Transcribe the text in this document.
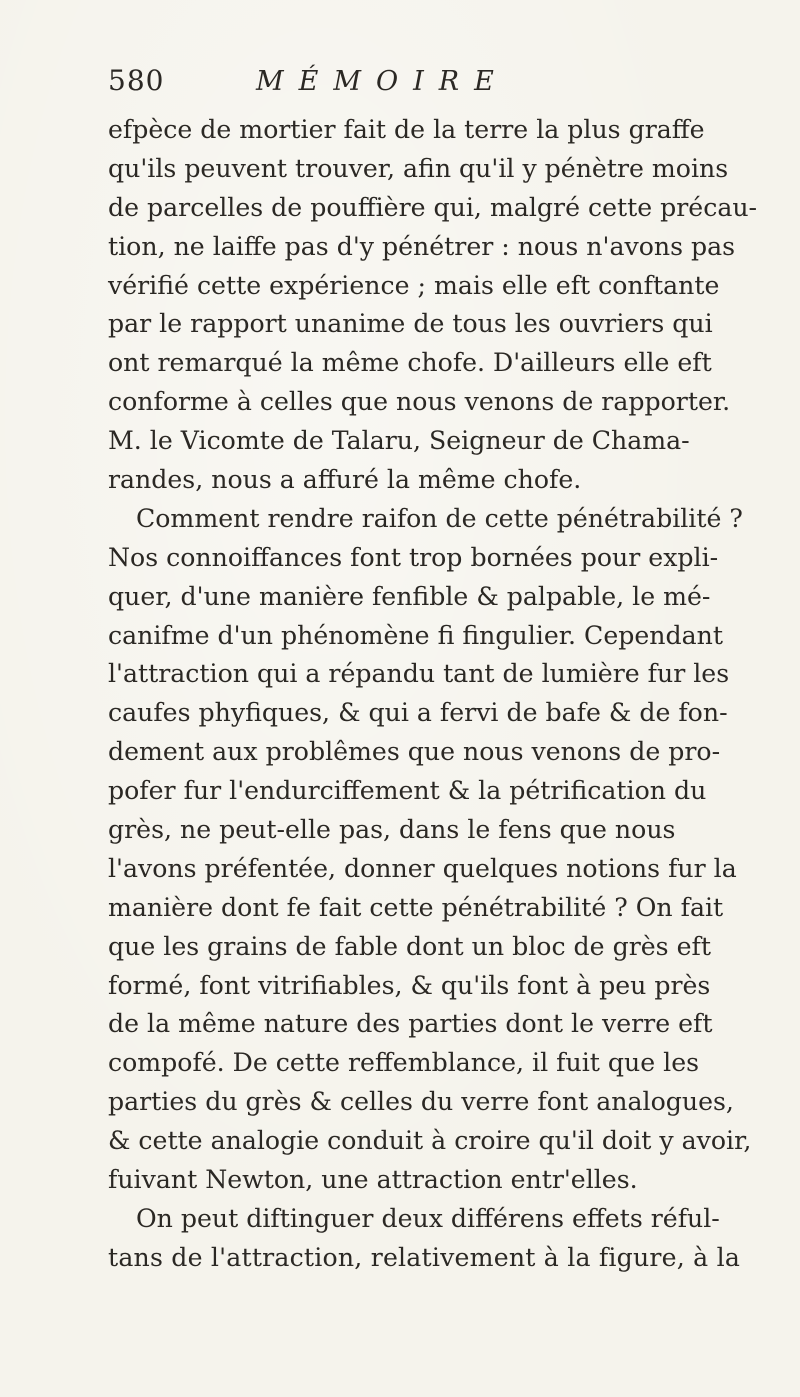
580	MÉMOIRE
efpèce de mortier fait de la terre la plus graffe
qu'ils peuvent trouver, afin qu'il y pénètre moins
de parcelles de pouffière qui, malgré cette précau-
tion, ne laiffe pas d'y pénétrer : nous n'avons pas
vérifié cette expérience ; mais elle eft conftante
par le rapport unanime de tous les ouvriers qui
ont remarqué la même chofe. D'ailleurs elle eft
conforme à celles que nous venons de rapporter.
M. le Vicomte de Talaru, Seigneur de Chama-
randes, nous a affuré la même chofe.
Comment rendre raifon de cette pénétrabilité ?
Nos connoiffances font trop bornées pour expli-
quer, d'une manière fenfible & palpable, le mé-
canifme d'un phénomène fi fingulier. Cependant
l'attraction qui a répandu tant de lumière fur les
caufes phyfiques, & qui a fervi de bafe & de fon-
dement aux problêmes que nous venons de pro-
pofer fur l'endurciffement & la pétrification du
grès, ne peut-elle pas, dans le fens que nous
l'avons préfentée, donner quelques notions fur la
manière dont fe fait cette pénétrabilité ? On fait
que les grains de fable dont un bloc de grès eft
formé, font vitrifiables, & qu'ils font à peu près
de la même nature des parties dont le verre eft
compofé. De cette reffemblance, il fuit que les
parties du grès & celles du verre font analogues,
& cette analogie conduit à croire qu'il doit y avoir,
fuivant Newton, une attraction entr'elles.
On peut diftinguer deux différens effets réful-
tans de l'attraction, relativement à la figure, à la
